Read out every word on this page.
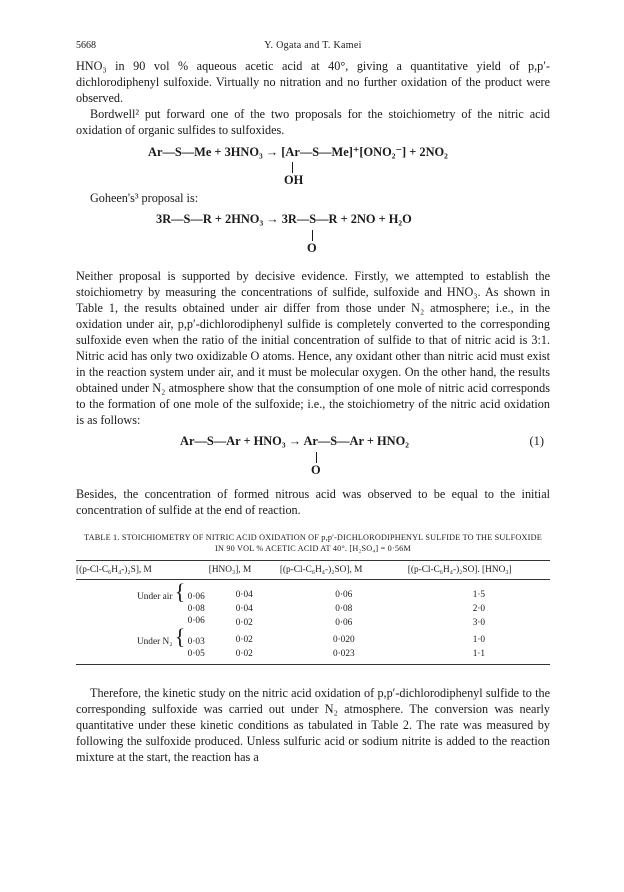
5668	Y. Ogata and T. Kamei

HNO₃ in 90 vol % aqueous acetic acid at 40°, giving a quantitative yield of p,p′-dichlorodiphenyl sulfoxide. Virtually no nitration and no further oxidation of the product were observed.

Bordwell² put forward one of the two proposals for the stoichiometry of the nitric acid oxidation of organic sulfides to sulfoxides.

Ar—S—Me + 3HNO₃ → [Ar—S—Me]⁺[ONO₂⁻] + 2NO₂
OH

Goheen's³ proposal is:

3R—S—R + 2HNO₃ → 3R—S—R + 2NO + H₂O
O

Neither proposal is supported by decisive evidence. Firstly, we attempted to establish the stoichiometry by measuring the concentrations of sulfide, sulfoxide and HNO₃. As shown in Table 1, the results obtained under air differ from those under N₂ atmosphere; i.e., in the oxidation under air, p,p′-dichlorodiphenyl sulfide is completely converted to the corresponding sulfoxide even when the ratio of the initial concentration of sulfide to that of nitric acid is 3:1. Nitric acid has only two oxidizable O atoms. Hence, any oxidant other than nitric acid must exist in the reaction system under air, and it must be molecular oxygen. On the other hand, the results obtained under N₂ atmosphere show that the consumption of one mole of nitric acid corresponds to the formation of one mole of the sulfoxide; i.e., the stoichiometry of the nitric acid oxidation is as follows:

Ar—S—Ar + HNO₃ → Ar—S—Ar + HNO₂
O
(1)

Besides, the concentration of formed nitrous acid was observed to be equal to the initial concentration of sulfide at the end of reaction.

TABLE 1. STOICHIOMETRY OF NITRIC ACID OXIDATION OF p,p′-DICHLORODIPHENYL SULFIDE TO THE SULFOXIDE
IN 90 VOL % ACETIC ACID AT 40°. [H₂SO₄] = 0·56M
[(p-Cl-C₆H₄-)₂S], M	[HNO₃], M	[(p-Cl-C₆H₄-)₂SO], M	[(p-Cl-C₆H₄-)₂SO]. [HNO₃]
Under air { 0·06	0·04	0·06	1·5
0·08	0·04	0·08	2·0
0·06	0·02	0·06	3·0
Under N₂ { 0·03	0·02	0·020	1·0
0·05	0·02	0·023	1·1

Therefore, the kinetic study on the nitric acid oxidation of p,p′-dichlorodiphenyl sulfide to the corresponding sulfoxide was carried out under N₂ atmosphere. The conversion was nearly quantitative under these kinetic conditions as tabulated in Table 2. The rate was measured by following the sulfoxide produced. Unless sulfuric acid or sodium nitrite is added to the reaction mixture at the start, the reaction has a
